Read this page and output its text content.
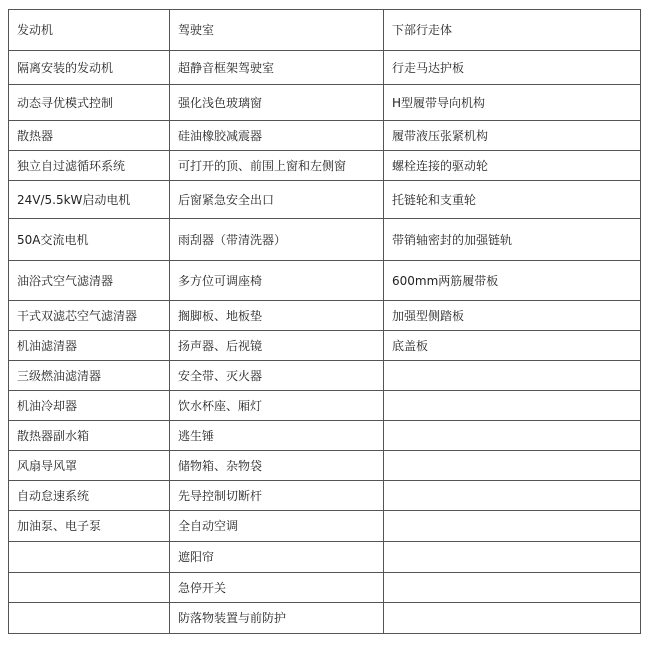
发动机	驾驶室	下部行走体
隔离安装的发动机	超静音框架驾驶室	行走马达护板
动态寻优模式控制	强化浅色玻璃窗	H型履带导向机构
散热器	硅油橡胶减震器	履带液压张紧机构
独立自过滤循环系统	可打开的顶、前围上窗和左侧窗	螺栓连接的驱动轮
24V/5.5kW启动电机	后窗紧急安全出口	托链轮和支重轮
50A交流电机	雨刮器（带清洗器）	带销轴密封的加强链轨
油浴式空气滤清器	多方位可调座椅	600mm两筋履带板
干式双滤芯空气滤清器	搁脚板、地板垫	加强型侧踏板
机油滤清器	扬声器、后视镜	底盖板
三级燃油滤清器	安全带、灭火器	
机油冷却器	饮水杯座、厢灯	
散热器副水箱	逃生锤	
风扇导风罩	储物箱、杂物袋	
自动怠速系统	先导控制切断杆	
加油泵、电子泵	全自动空调	
	遮阳帘	
	急停开关	
	防落物装置与前防护	
